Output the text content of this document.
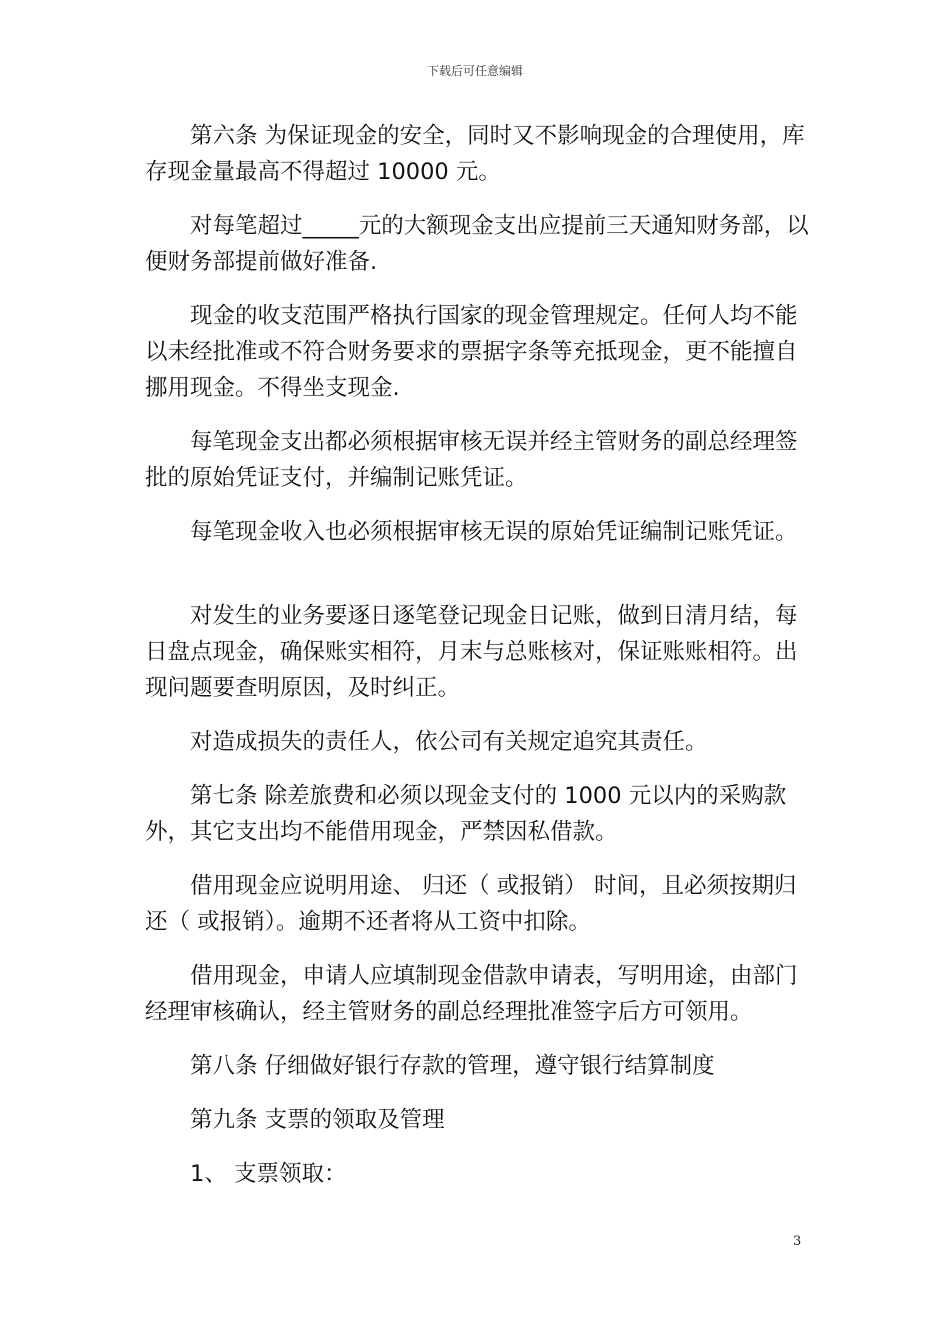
下载后可任意编辑

第六条 为保证现金的安全，同时又不影响现金的合理使用，库存现金量最高不得超过 10000 元。

对每笔超过_____元的大额现金支出应提前三天通知财务部，以便财务部提前做好准备.

现金的收支范围严格执行国家的现金管理规定。任何人均不能以未经批准或不符合财务要求的票据字条等充抵现金，更不能擅自挪用现金。不得坐支现金.

每笔现金支出都必须根据审核无误并经主管财务的副总经理签批的原始凭证支付，并编制记账凭证。

每笔现金收入也必须根据审核无误的原始凭证编制记账凭证。

对发生的业务要逐日逐笔登记现金日记账，做到日清月结，每日盘点现金，确保账实相符，月末与总账核对，保证账账相符。出现问题要查明原因，及时纠正。

对造成损失的责任人，依公司有关规定追究其责任。

第七条 除差旅费和必须以现金支付的 1000 元以内的采购款外，其它支出均不能借用现金，严禁因私借款。

借用现金应说明用途、 归还（ 或报销） 时间，且必须按期归还（ 或报销）。逾期不还者将从工资中扣除。

借用现金，申请人应填制现金借款申请表，写明用途，由部门经理审核确认，经主管财务的副总经理批准签字后方可领用。

第八条 仔细做好银行存款的管理，遵守银行结算制度

第九条 支票的领取及管理

1、 支票领取：

3
